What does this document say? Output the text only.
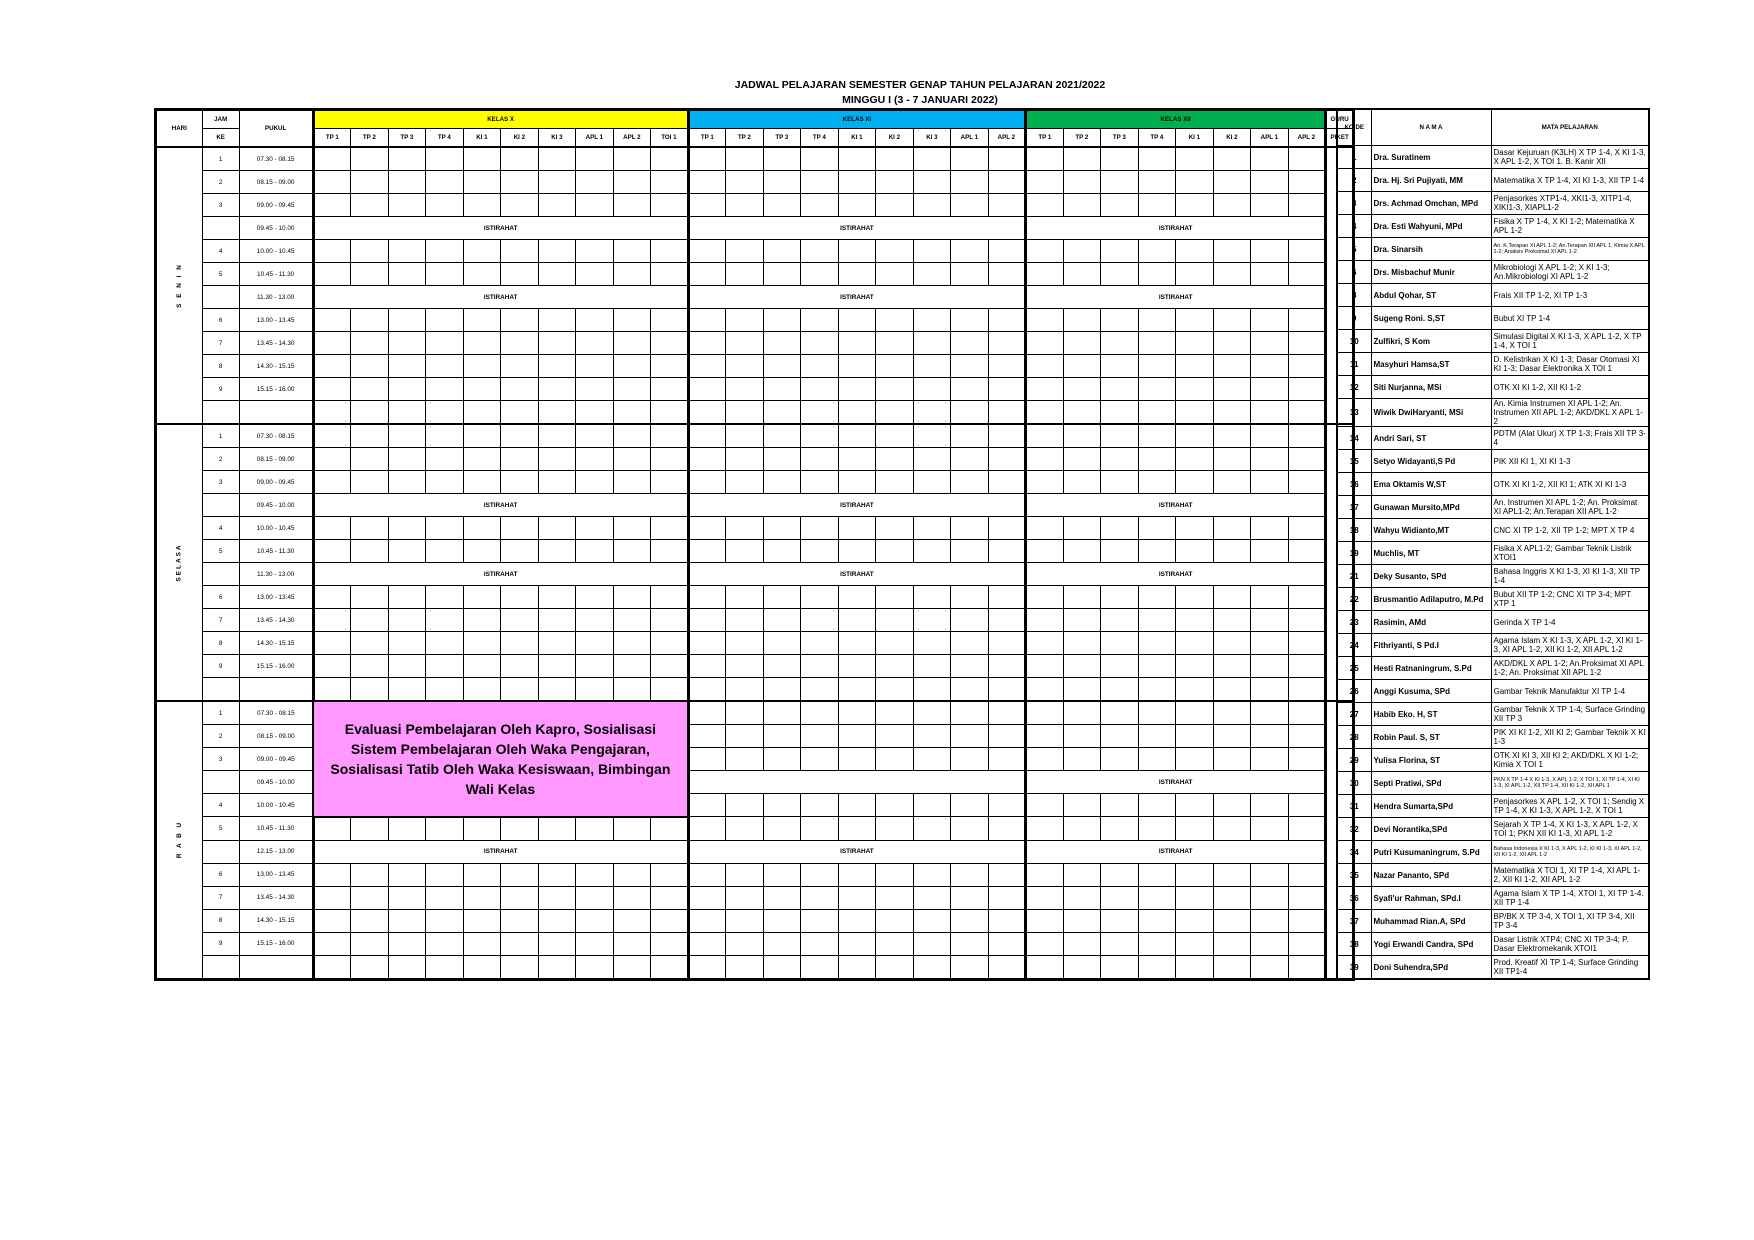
JADWAL PELAJARAN SEMESTER GENAP TAHUN PELAJARAN 2021/2022
MINGGU I (3 - 7 JANUARI 2022)
HARI	JAM	PUKUL	KELAS X										KELAS XI									KELAS XII								GURU
	KE		TP 1	TP 2	TP 3	TP 4	KI 1	KI 2	KI 3	APL 1	APL 2	TOI 1	TP 1	TP 2	TP 3	TP 4	KI 1	KI 2	KI 3	APL 1	APL 2	TP 1	TP 2	TP 3	TP 4	KI 1	KI 2	APL 1	APL 2	PIKET
S E N I N	1	07.30 - 08.15																												
	2	08.15 - 09.00																												
	3	09.00 - 09.45																												
		09.45 - 10.00	ISTIRAHAT										ISTIRAHAT									ISTIRAHAT								
	4	10.00 - 10.45																												
	5	10.45 - 11.30																												
		11.30 - 13.00	ISTIRAHAT										ISTIRAHAT									ISTIRAHAT								
	6	13.00 - 13.45																												
	7	13.45 - 14.30																												
	8	14.30 - 15.15																												
	9	15.15 - 16.00																												

SELASA	1	07.30 - 08.15																												
	2	08.15 - 09.00																												
	3	09.00 - 09.45																												
		09.45 - 10.00	ISTIRAHAT										ISTIRAHAT									ISTIRAHAT								
	4	10.00 - 10.45																												
	5	10.45 - 11.30																												
		11.30 - 13.00	ISTIRAHAT										ISTIRAHAT									ISTIRAHAT								
	6	13.00 - 13.45																												
	7	13.45 - 14.30																												
	8	14.30 - 15.15																												
	9	15.15 - 16.00																												

R A B U	1	07.30 - 08.15	Evaluasi Pembelajaran Oleh Kapro, Sosialisasi Sistem Pembelajaran Oleh Waka Pengajaran, Sosialisasi Tatib Oleh Waka Kesiswaan, Bimbingan Wali Kelas																											
	2	08.15 - 09.00																												
	3	09.00 - 09.45																												
		09.45 - 10.00																				ISTIRAHAT								
	4	10.00 - 10.45																												
	5	10.45 - 11.30																												
		12.15 - 13.00	ISTIRAHAT										ISTIRAHAT									ISTIRAHAT								
	6	13.00 - 13.45																												
	7	13.45 - 14.30																												
	8	14.30 - 15.15																												
	9	15.15 - 16.00																												

KO DE	N A M A	MATA PELAJARAN
1	Dra. Suratinem	Dasar Kejuruan (K3LH) X TP 1-4, X KI 1-3, X APL 1-2, X TOI 1. B. Kanir XII
2	Dra. Hj. Sri Pujiyati, MM	Matematika X TP 1-4, XI KI 1-3, XII TP 1-4
3	Drs. Achmad Omchan, MPd	Penjasorkes XTP1-4, XKI1-3, XITP1-4, XIKI1-3, XIAPL1-2
4	Dra. Esti Wahyuni, MPd	Fisika X TP 1-4, X KI 1-2; Matematika X APL 1-2
5	Dra. Sinarsih	An. K.Terapan XI APL 1-2; An.Terapan XII APL 1; Kimia X APL 1-2; Analisis Proksimat XI APL 1-2
6	Drs. Misbachuf Munir	Mikrobiologi X APL 1-2; X KI 1-3; An.Mikrobiologi XI APL 1-2
8	Abdul Qohar, ST	Frais XII TP 1-2, XI TP 1-3
9	Sugeng Roni. S,ST	Bubut XI TP 1-4
10	Zulfikri, S Kom	Simulasi Digital X KI 1-3, X APL 1-2, X TP 1-4, X TOI 1
11	Masyhuri Hamsa,ST	D. Kelistrikan X KI 1-3; Dasar Otomasi XI KI 1-3; Dasar Elektronika X TOI 1
12	Siti Nurjanna, MSi	OTK XI KI 1-2, XII KI 1-2
13	Wiwik DwiHaryanti, MSi	An. Kimia Instrumen XI APL 1-2; An. Instrumen XII APL 1-2; AKD/DKL X APL 1-2
14	Andri Sari, ST	PDTM (Alat Ukur) X TP 1-3; Frais XII TP 3-4
15	Setyo Widayanti,S Pd	PIK XII KI 1, XI KI 1-3
16	Ema Oktamis W,ST	OTK XI KI 1-2, XII KI 1; ATK XI KI 1-3
17	Gunawan Mursito,MPd	An. Instrumen XI APL 1-2; An. Proksimat XI APL1-2; An.Terapan XII APL 1-2
18	Wahyu Widianto,MT	CNC XI TP 1-2, XII TP 1-2; MPT X TP 4
19	Muchlis, MT	Fisika X APL1-2; Gambar Teknik Listrik XTOI1
21	Deky Susanto, SPd	Bahasa Inggris X KI 1-3, XI KI 1-3, XII TP 1-4
22	Brusmantio Adilaputro, M.Pd	Bubut XII TP 1-2; CNC XI TP 3-4; MPT XTP 1
23	Rasimin, AMd	Gerinda X TP 1-4
24	Fithriyanti, S Pd.I	Agama Islam X KI 1-3, X APL 1-2, XI KI 1-3, XI APL 1-2, XII KI 1-2, XII APL 1-2
25	Hesti Ratnaningrum, S.Pd	AKD/DKL X APL 1-2; An.Proksimat XI APL 1-2; An. Proksimat XII APL 1-2
26	Anggi Kusuma, SPd	Gambar Teknik Manufaktur XI TP 1-4
27	Habib Eko. H, ST	Gambar Teknik X TP 1-4; Surface Grinding XII TP 3
28	Robin Paul. S, ST	PIK XI KI 1-2, XII KI 2; Gambar Teknik X KI 1-3
29	Yulisa Florina, ST	OTK XI KI 3, XII KI 2; AKD/DKL X KI 1-2; Kimia X TOI 1
30	Septi Pratiwi, SPd	PKN X TP 1-4 X KI 1-3, X APL 1-2, X TOI 1, XI TP 1-4, XI KI 1-3, XI APL 1-2, XII TP 1-4, XII KI 1-2, XII APL 1
31	Hendra Sumarta,SPd	Penjasorkes X APL 1-2, X TOI 1; Sendig X TP 1-4, X KI 1-3, X APL 1-2, X TOI 1
32	Devi Norantika,SPd	Sejarah X TP 1-4, X KI 1-3, X APL 1-2, X TOI 1; PKN XII KI 1-3, XI APL 1-2
34	Putri Kusumaningrum, S.Pd	Bahasa Indonesia X KI 1-3, X APL 1-2, XI KI 1-3, XI APL 1-2, XII KI 1-2, XII APL 1-2
35	Nazar Pananto, SPd	Matematika X TOI 1, XI TP 1-4, XI APL 1-2, XII KI 1-2, XII APL 1-2
36	Syafi'ur Rahman, SPd.I	Agama Islam X TP 1-4, XTOI 1, XI TP 1-4. XII TP 1-4
37	Muhammad Rian.A, SPd	BP/BK X TP 3-4, X TOI 1, XI TP 3-4, XII TP 3-4
38	Yogi Erwandi Candra, SPd	Dasar Listrik XTP4; CNC XI TP 3-4; P. Dasar Elektromekanik XTOI1
39	Doni Suhendra,SPd	Prod. Kreatif XI TP 1-4; Surface Grinding XII TP1-4
